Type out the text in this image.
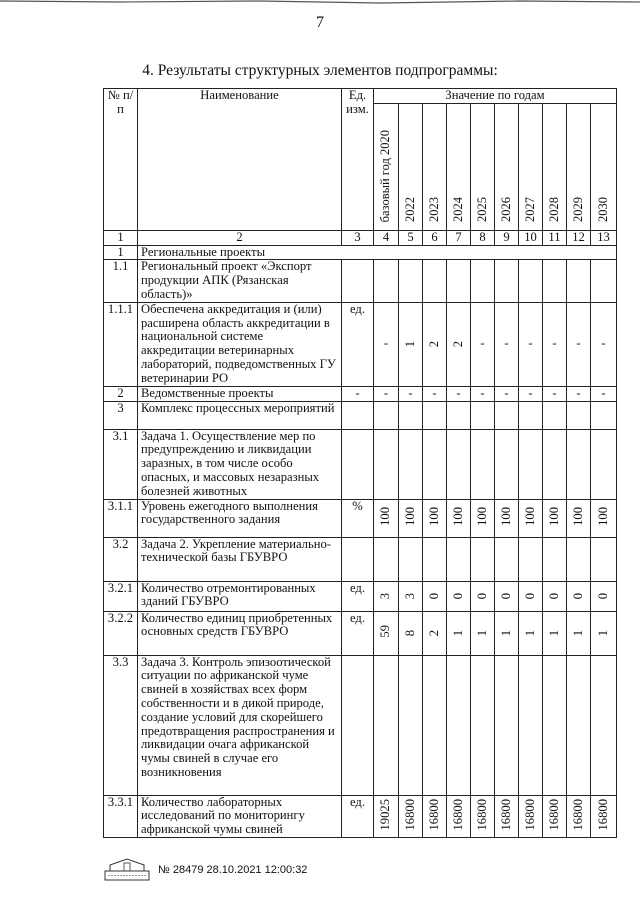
7
4. Результаты структурных элементов подпрограммы:
№ п/п	Наименование	Ед. изм.	Значение по годам									
			базовый год 2020	2022	2023	2024	2025	2026	2027	2028	2029	2030
1	2	3	4	5	6	7	8	9	10	11	12	13
1	Региональные проекты											
1.1	Региональный проект «Экспорт продукции АПК (Рязанская область)»											
1.1.1	Обеспечена аккредитация и (или) расширена область аккредитации в национальной системе аккредитации ветеринарных лабораторий, подведомственных ГУ ветеринарии РО	ед.	-	1	2	2	-	-	-	-	-	-
2	Ведомственные проекты	-	-	-	-	-	-	-	-	-	-	-
3	Комплекс процессных мероприятий											
3.1	Задача 1. Осуществление мер по предупреждению и ликвидации заразных, в том числе особо опасных, и массовых незаразных болезней животных											
3.1.1	Уровень ежегодного выполнения государственного задания	%	100	100	100	100	100	100	100	100	100	100
3.2	Задача 2. Укрепление материально-технической базы ГБУВРО											
3.2.1	Количество отремонтированных зданий ГБУВРО	ед.	3	3	0	0	0	0	0	0	0	0
3.2.2	Количество единиц приобретенных основных средств ГБУВРО	ед.	59	8	2	1	1	1	1	1	1	1
3.3	Задача 3. Контроль эпизоотической ситуации по африканской чуме свиней в хозяйствах всех форм собственности и в дикой природе, создание условий для скорейшего предотвращения распространения и ликвидации очага африканской чумы свиней в случае его возникновения											
3.3.1	Количество лабораторных исследований по мониторингу африканской чумы свиней	ед.	19025	16800	16800	16800	16800	16800	16800	16800	16800	16800
№ 28479 28.10.2021 12:00:32
